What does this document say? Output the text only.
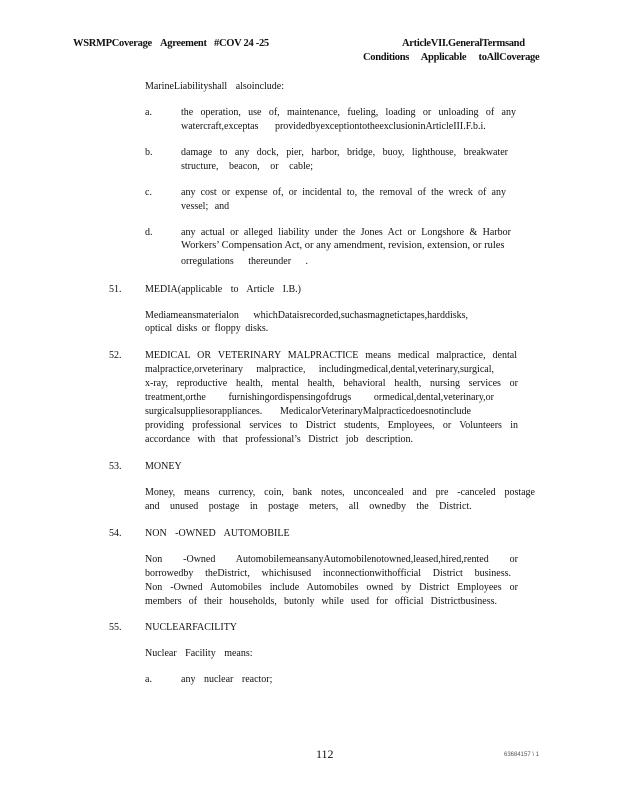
WSRMPCoverage Agreement #COV 24 -25	ArticleVII.GeneralTermsand
Conditions Applicable toAllCoverage
MarineLiabilityshall alsoinclude:
a.	the operation, use of, maintenance, fueling, loading or unloading of any
watercraft,exceptas providedbyexceptiontotheexclusioninArticleIII.F.b.i.
b.	damage to any dock, pier, harbor, bridge, buoy, lighthouse, breakwater
structure, beacon, or cable;
c.	any cost or expense of, or incidental to, the removal of the wreck of any
vessel; and
d.	any actual or alleged liability under the Jones Act or Longshore & Harbor
Workers’ Compensation Act, or any amendment, revision, extension, or rules
orregulations thereunder .
51. MEDIA(applicable to Article I.B.)
Mediameansmaterialon whichDataisrecorded,suchasmagnetictapes,harddisks,
optical disks or floppy disks.
52. MEDICAL OR VETERINARY MALPRACTICE means medical malpractice, dental
malpractice,orveterinary malpractice, includingmedical,dental,veterinary,surgical,
x-ray, reproductive health, mental health, behavioral health, nursing services or
treatment,orthe furnishingordispensingofdrugs ormedical,dental,veterinary,or
surgicalsuppliesorappliances. MedicalorVeterinaryMalpracticedoesnotinclude
providing professional services to District students, Employees, or Volunteers in
accordance with that professional’s District job description.
53. MONEY
Money, means currency, coin, bank notes, unconcealed and pre -canceled postage
and unused postage in postage meters, all ownedby the District.
54. NON -OWNED AUTOMOBILE
Non -Owned AutomobilemeansanyAutomobilenotowned,leased,hired,rented or
borrowedby theDistrict, whichisused inconnectionwithofficial District business.
Non -Owned Automobiles include Automobiles owned by District Employees or
members of their households, butonly while used for official Districtbusiness.
55. NUCLEARFACILITY
Nuclear Facility means:
a.	any nuclear reactor;
112	63684157 \ 1
